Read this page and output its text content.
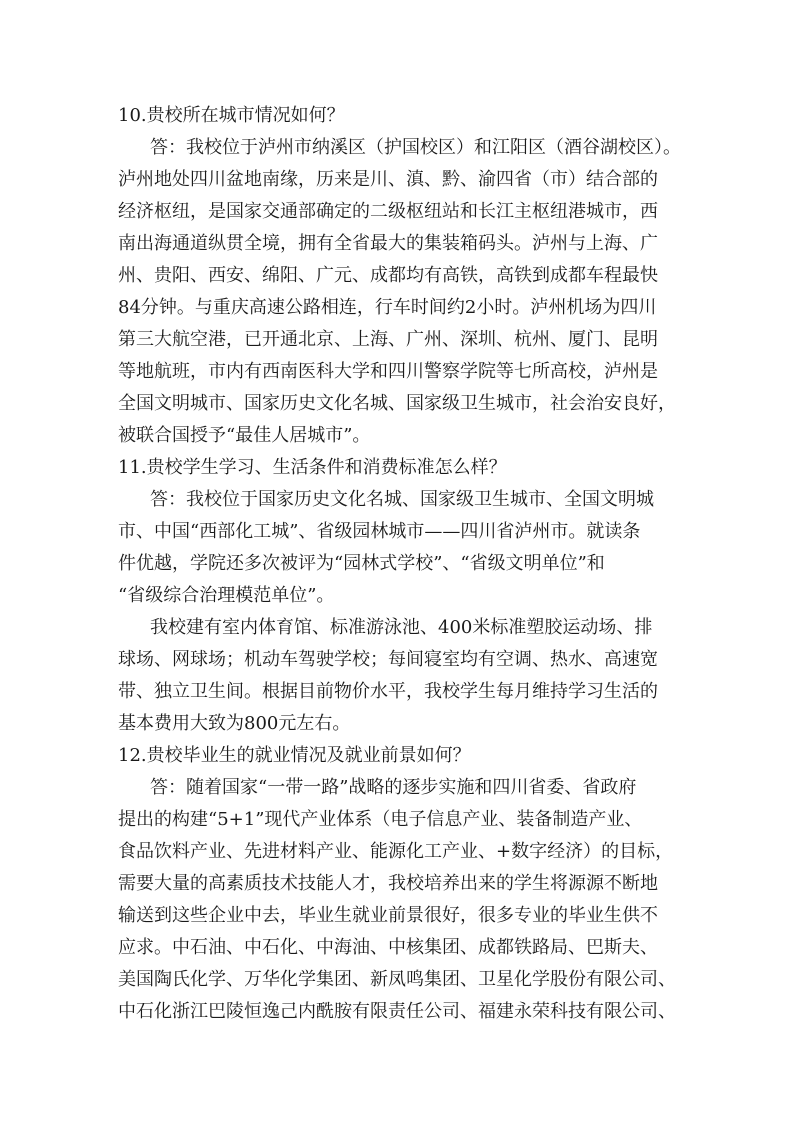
10.贵校所在城市情况如何？
答：我校位于泸州市纳溪区（护国校区）和江阳区（酒谷湖校区）。
泸州地处四川盆地南缘，历来是川、滇、黔、渝四省（市）结合部的
经济枢纽，是国家交通部确定的二级枢纽站和长江主枢纽港城市，西
南出海通道纵贯全境，拥有全省最大的集装箱码头。泸州与上海、广
州、贵阳、西安、绵阳、广元、成都均有高铁，高铁到成都车程最快
84分钟。与重庆高速公路相连，行车时间约2小时。泸州机场为四川
第三大航空港，已开通北京、上海、广州、深圳、杭州、厦门、昆明
等地航班，市内有西南医科大学和四川警察学院等七所高校，泸州是
全国文明城市、国家历史文化名城、国家级卫生城市，社会治安良好，
被联合国授予“最佳人居城市”。
11.贵校学生学习、生活条件和消费标准怎么样？
答：我校位于国家历史文化名城、国家级卫生城市、全国文明城
市、中国“西部化工城”、省级园林城市——四川省泸州市。就读条
件优越，学院还多次被评为“园林式学校”、“省级文明单位”和
“省级综合治理模范单位”。
我校建有室内体育馆、标准游泳池、400米标准塑胶运动场、排
球场、网球场；机动车驾驶学校；每间寝室均有空调、热水、高速宽
带、独立卫生间。根据目前物价水平，我校学生每月维持学习生活的
基本费用大致为800元左右。
12.贵校毕业生的就业情况及就业前景如何？
答：随着国家“一带一路”战略的逐步实施和四川省委、省政府
提出的构建“5+1”现代产业体系（电子信息产业、装备制造产业、
食品饮料产业、先进材料产业、能源化工产业、+数字经济）的目标，
需要大量的高素质技术技能人才，我校培养出来的学生将源源不断地
输送到这些企业中去，毕业生就业前景很好，很多专业的毕业生供不
应求。中石油、中石化、中海油、中核集团、成都铁路局、巴斯夫、
美国陶氏化学、万华化学集团、新凤鸣集团、卫星化学股份有限公司、
中石化浙江巴陵恒逸己内酰胺有限责任公司、福建永荣科技有限公司、
